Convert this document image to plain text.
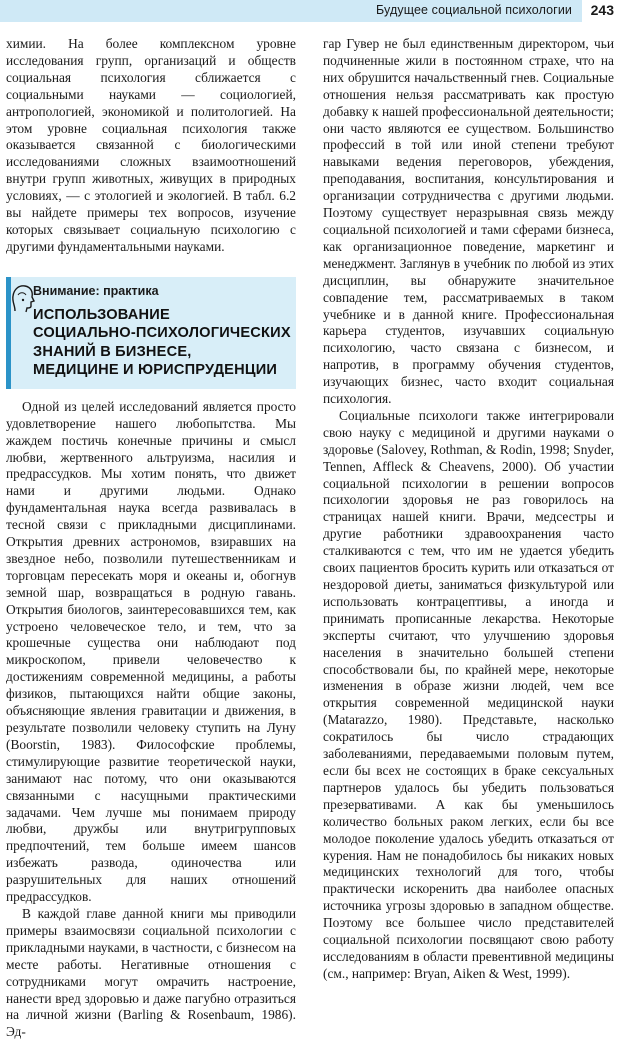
Будущее социальной психологии 243

химии. На более комплексном уровне исследования групп, организаций и обществ социальная психология сближается с социальными науками — социологией, антропологией, экономикой и политологией. На этом уровне социальная психология также оказывается связанной с биологическими исследованиями сложных взаимоотношений внутри групп животных, живущих в природных условиях, — с этологией и экологией. В табл. 6.2 вы найдете примеры тех вопросов, изучение которых связывает социальную психологию с другими фундаментальными науками.

Внимание: практика
ИСПОЛЬЗОВАНИЕ
СОЦИАЛЬНО-ПСИХОЛОГИЧЕСКИХ
ЗНАНИЙ В БИЗНЕСЕ,
МЕДИЦИНЕ И ЮРИСПРУДЕНЦИИ

Одной из целей исследований является просто удовлетворение нашего любопытства. Мы жаждем постичь конечные причины и смысл любви, жертвенного альтруизма, насилия и предрассудков. Мы хотим понять, что движет нами и другими людьми. Однако фундаментальная наука всегда развивалась в тесной связи с прикладными дисциплинами. Открытия древних астрономов, взиравших на звездное небо, позволили путешественникам и торговцам пересекать моря и океаны и, обогнув земной шар, возвращаться в родную гавань. Открытия биологов, заинтересовавшихся тем, как устроено человеческое тело, и тем, что за крошечные существа они наблюдают под микроскопом, привели человечество к достижениям современной медицины, а работы физиков, пытающихся найти общие законы, объясняющие явления гравитации и движения, в результате позволили человеку ступить на Луну (Boorstin, 1983). Философские проблемы, стимулирующие развитие теоретической науки, занимают нас потому, что они оказываются связанными с насущными практическими задачами. Чем лучше мы понимаем природу любви, дружбы или внутригрупповых предпочтений, тем больше имеем шансов избежать развода, одиночества или разрушительных для наших отношений предрассудков.

В каждой главе данной книги мы приводили примеры взаимосвязи социальной психологии с прикладными науками, в частности, с бизнесом на месте работы. Негативные отношения с сотрудниками могут омрачить настроение, нанести вред здоровью и даже пагубно отразиться на личной жизни (Barling & Rosenbaum, 1986). Эд-

гар Гувер не был единственным директором, чьи подчиненные жили в постоянном страхе, что на них обрушится начальственный гнев. Социальные отношения нельзя рассматривать как простую добавку к нашей профессиональной деятельности; они часто являются ее существом. Большинство профессий в той или иной степени требуют навыками ведения переговоров, убеждения, преподавания, воспитания, консультирования и организации сотрудничества с другими людьми. Поэтому существует неразрывная связь между социальной психологией и тами сферами бизнеса, как организационное поведение, маркетинг и менеджмент. Заглянув в учебник по любой из этих дисциплин, вы обнаружите значительное совпадение тем, рассматриваемых в таком учебнике и в данной книге. Профессиональная карьера студентов, изучавших социальную психологию, часто связана с бизнесом, и напротив, в программу обучения студентов, изучающих бизнес, часто входит социальная психология.

Социальные психологи также интегрировали свою науку с медициной и другими науками о здоровье (Salovey, Rothman, & Rodin, 1998; Snyder, Tennen, Affleck & Cheavens, 2000). Об участии социальной психологии в решении вопросов психологии здоровья не раз говорилось на страницах нашей книги. Врачи, медсестры и другие работники здравоохранения часто сталкиваются с тем, что им не удается убедить своих пациентов бросить курить или отказаться от нездоровой диеты, заниматься физкультурой или использовать контрацептивы, а иногда и принимать прописанные лекарства. Некоторые эксперты считают, что улучшению здоровья населения в значительно большей степени способствовали бы, по крайней мере, некоторые изменения в образе жизни людей, чем все открытия современной медицинской науки (Matarazzo, 1980). Представьте, насколько сократилось бы число страдающих заболеваниями, передаваемыми половым путем, если бы всех не состоящих в браке сексуальных партнеров удалось бы убедить пользоваться презервативами. А как бы уменьшилось количество больных раком легких, если бы все молодое поколение удалось убедить отказаться от курения. Нам не понадобилось бы никаких новых медицинских технологий для того, чтобы практически искоренить два наиболее опасных источника угрозы здоровью в западном обществе. Поэтому все большее число представителей социальной психологии посвящают свою работу исследованиям в области превентивной медицины (см., например: Bryan, Aiken & West, 1999).
